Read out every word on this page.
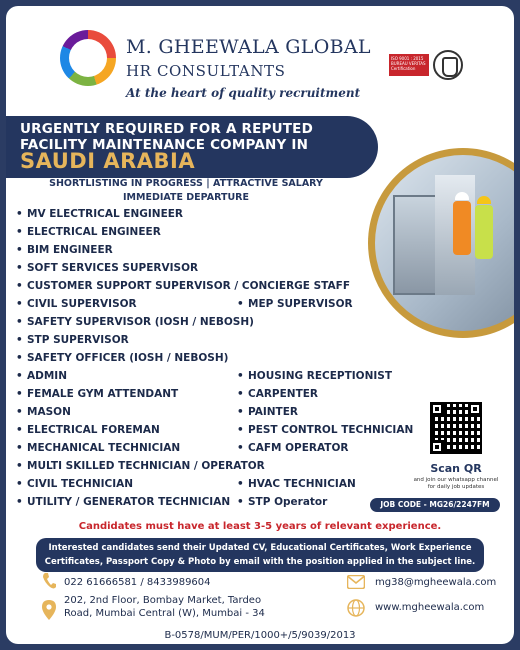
M. GHEEWALA GLOBAL
HR CONSULTANTS
At the heart of quality recruitment
ISO 9001 : 2015 BUREAU VERITAS Certification
URGENTLY REQUIRED FOR A REPUTED
FACILITY MAINTENANCE COMPANY IN
SAUDI ARABIA
SHORTLISTING IN PROGRESS | ATTRACTIVE SALARY
IMMEDIATE DEPARTURE
• MV ELECTRICAL ENGINEER
• ELECTRICAL ENGINEER
• BIM ENGINEER
• SOFT SERVICES SUPERVISOR
• CUSTOMER SUPPORT SUPERVISOR / CONCIERGE STAFF
• CIVIL SUPERVISOR	• MEP SUPERVISOR
• SAFETY SUPERVISOR (IOSH / NEBOSH)
• STP SUPERVISOR
• SAFETY OFFICER (IOSH / NEBOSH)
• ADMIN	• HOUSING RECEPTIONIST
• FEMALE GYM ATTENDANT	• CARPENTER
• MASON	• PAINTER
• ELECTRICAL FOREMAN	• PEST CONTROL TECHNICIAN
• MECHANICAL TECHNICIAN	• CAFM OPERATOR
• MULTI SKILLED TECHNICIAN / OPERATOR
• CIVIL TECHNICIAN	• HVAC TECHNICIAN
• UTILITY / GENERATOR TECHNICIAN	• STP Operator
Scan QR
and join our whatsapp channel
for daily job updates
JOB CODE - MG26/2247FM
Candidates must have at least 3-5 years of relevant experience.
Interested candidates send their Updated CV, Educational Certificates, Work Experience
Certificates, Passport Copy & Photo by email with the position applied in the subject line.
022 61666581 / 8433989604
202, 2nd Floor, Bombay Market, Tardeo
Road, Mumbai Central (W), Mumbai - 34
mg38@mgheewala.com
www.mgheewala.com
B-0578/MUM/PER/1000+/5/9039/2013
